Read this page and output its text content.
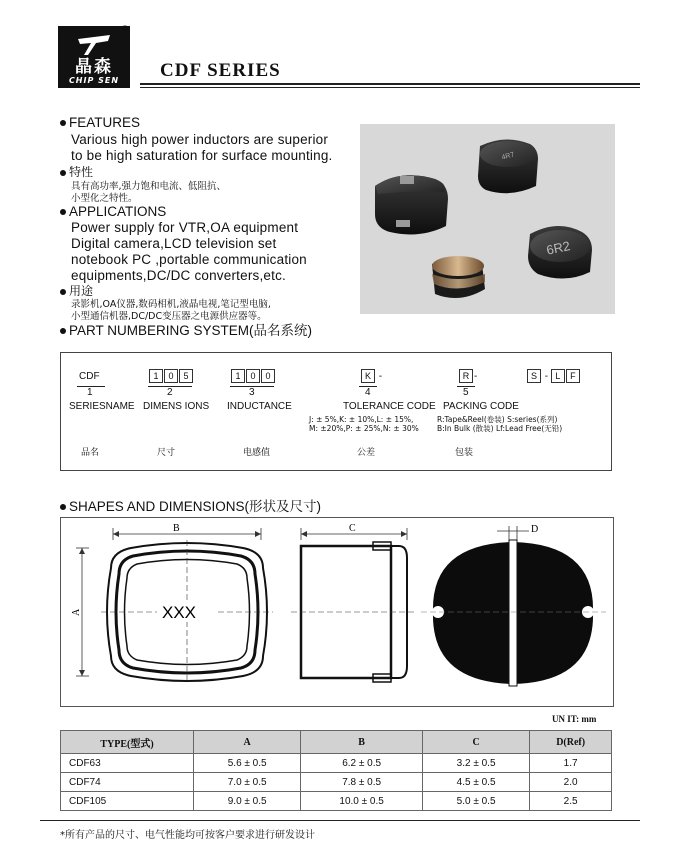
晶森
CHIP SEN
®
CDF SERIES
FEATURES
Various high power inductors are superior
to be high saturation for surface mounting.
特性
具有高功率,强力饱和电流、低阻抗、
小型化之特性。
APPLICATIONS
Power supply for VTR,OA equipment
Digital camera,LCD television set
notebook PC ,portable communication
equipments,DC/DC converters,etc.
用途
录影机,OA仪器,数码相机,液晶电视,笔记型电脑,
小型通信机器,DC/DC变压器之电源供应器等。
4R7
6R2
PART NUMBERING SYSTEM(品名系统)
CDF	1 0 5	1 0 0	K -	R -	S - L F
1	2	3	4	5
SERIESNAME DIMENS IONS INDUCTANCE	TOLERANCE CODE PACKING CODE
J: ± 5%,K: ± 10%,L: ± 15%,
M: ±20%,P: ± 25%,N: ± 30%
R:Tape&Reel(卷装) S:series(系列)
B:In Bulk (散装) Lf:Lead Free(无铅)
品名	尺寸	电感值	公差	包装
SHAPES AND DIMENSIONS(形状及尺寸)
B
A	XXX
C	D
UN IT: mm
TYPE(型式)	A	B	C	D(Ref)
CDF63	5.6 ± 0.5	6.2 ± 0.5	3.2 ± 0.5	1.7
CDF74	7.0 ± 0.5	7.8 ± 0.5	4.5 ± 0.5	2.0
CDF105	9.0 ± 0.5	10.0 ± 0.5	5.0 ± 0.5	2.5
*所有产品的尺寸、电气性能均可按客户要求进行研发设计
